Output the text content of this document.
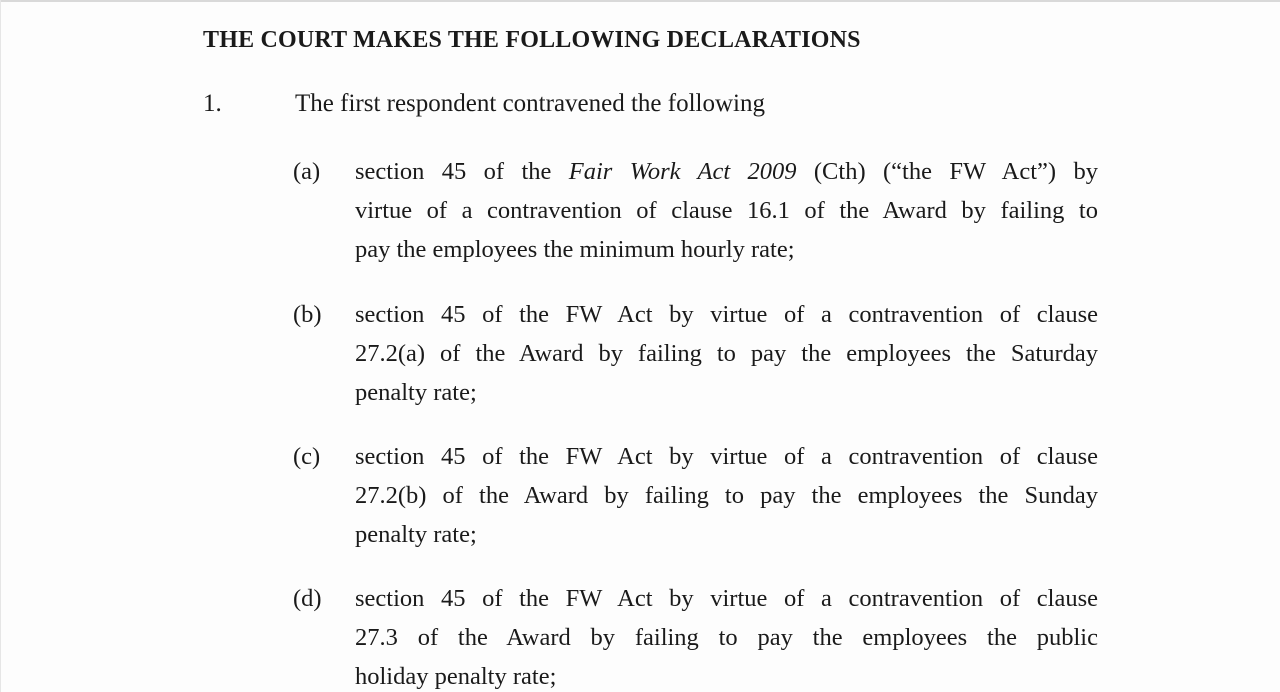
THE COURT MAKES THE FOLLOWING DECLARATIONS
1.	The first respondent contravened the following
(a) section 45 of the Fair Work Act 2009 (Cth) (“the FW Act”) by
virtue of a contravention of clause 16.1 of the Award by failing to
pay the employees the minimum hourly rate;
(b) section 45 of the FW Act by virtue of a contravention of clause
27.2(a) of the Award by failing to pay the employees the Saturday
penalty rate;
(c) section 45 of the FW Act by virtue of a contravention of clause
27.2(b) of the Award by failing to pay the employees the Sunday
penalty rate;
(d) section 45 of the FW Act by virtue of a contravention of clause
27.3 of the Award by failing to pay the employees the public
holiday penalty rate;
